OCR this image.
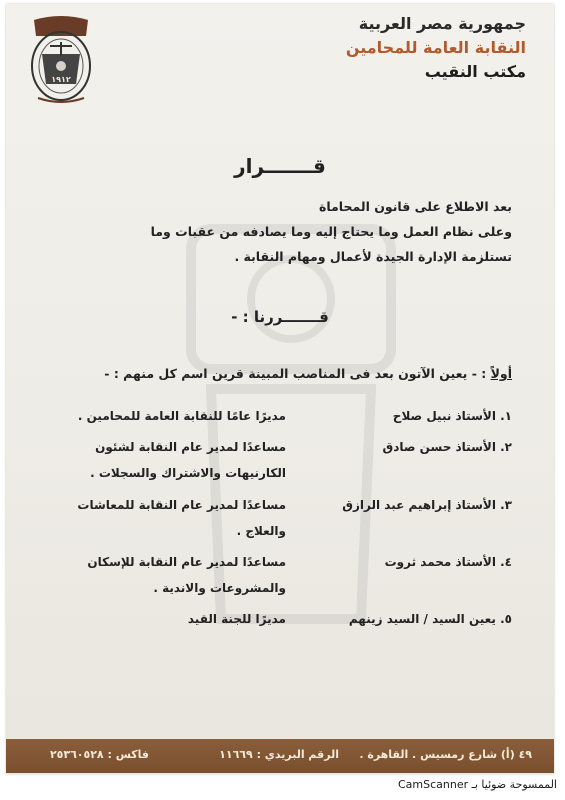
جمهورية مصر العربية
النقابة العامة للمحامين
مكتب النقيب
١٩١٢
قـــــــرار
بعد الاطلاع على قانون المحاماة
وعلى نظام العمل وما يحتاج إليه وما يصادفه من عقبات وما
تستلزمة الإدارة الجيدة لأعمال ومهام النقابة .
قـــــــررنا : -
أولاً : - يعين الآتون بعد فى المناصب المبينة قرين اسم كل منهم : -
١. الأستاذ نبيل صلاح
مديرًا عامًا للنقابة العامة للمحامين .
٢. الأستاذ حسن صادق
مساعدًا لمدير عام النقابة لشئون
الكارنيهات والاشتراك والسجلات .
٣. الأستاذ إبراهيم عبد الرازق
مساعدًا لمدير عام النقابة للمعاشات
والعلاج .
٤. الأستاذ محمد ثروت
مساعدًا لمدير عام النقابة للإسكان
والمشروعات والاندية .
٥. يعين السيد / السيد زينهم
مديرًا للجنة القيد
٤٩ (أ) شارع رمسيس . القاهرة .
الرقم البريدي : ١١٦٦٩
فاكس : ٢٥٣٦٠٥٢٨
الممسوحة ضوئيا بـ CamScanner
